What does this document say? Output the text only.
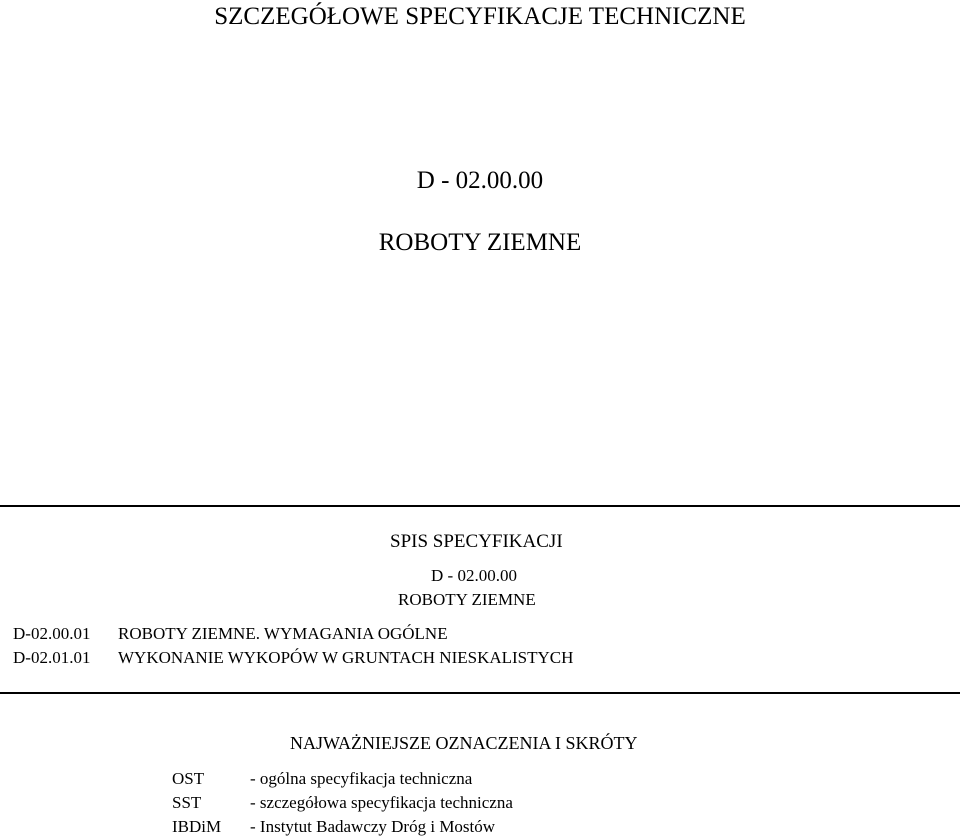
SZCZEGÓŁOWE SPECYFIKACJE TECHNICZNE
D - 02.00.00
ROBOTY ZIEMNE
SPIS SPECYFIKACJI
D - 02.00.00
ROBOTY ZIEMNE
D-02.00.01 ROBOTY ZIEMNE. WYMAGANIA OGÓLNE
D-02.01.01 WYKONANIE WYKOPÓW W GRUNTACH NIESKALISTYCH
NAJWAŻNIEJSZE OZNACZENIA I SKRÓTY
OST	- ogólna specyfikacja techniczna
SST	- szczegółowa specyfikacja techniczna
IBDiM - Instytut Badawczy Dróg i Mostów
